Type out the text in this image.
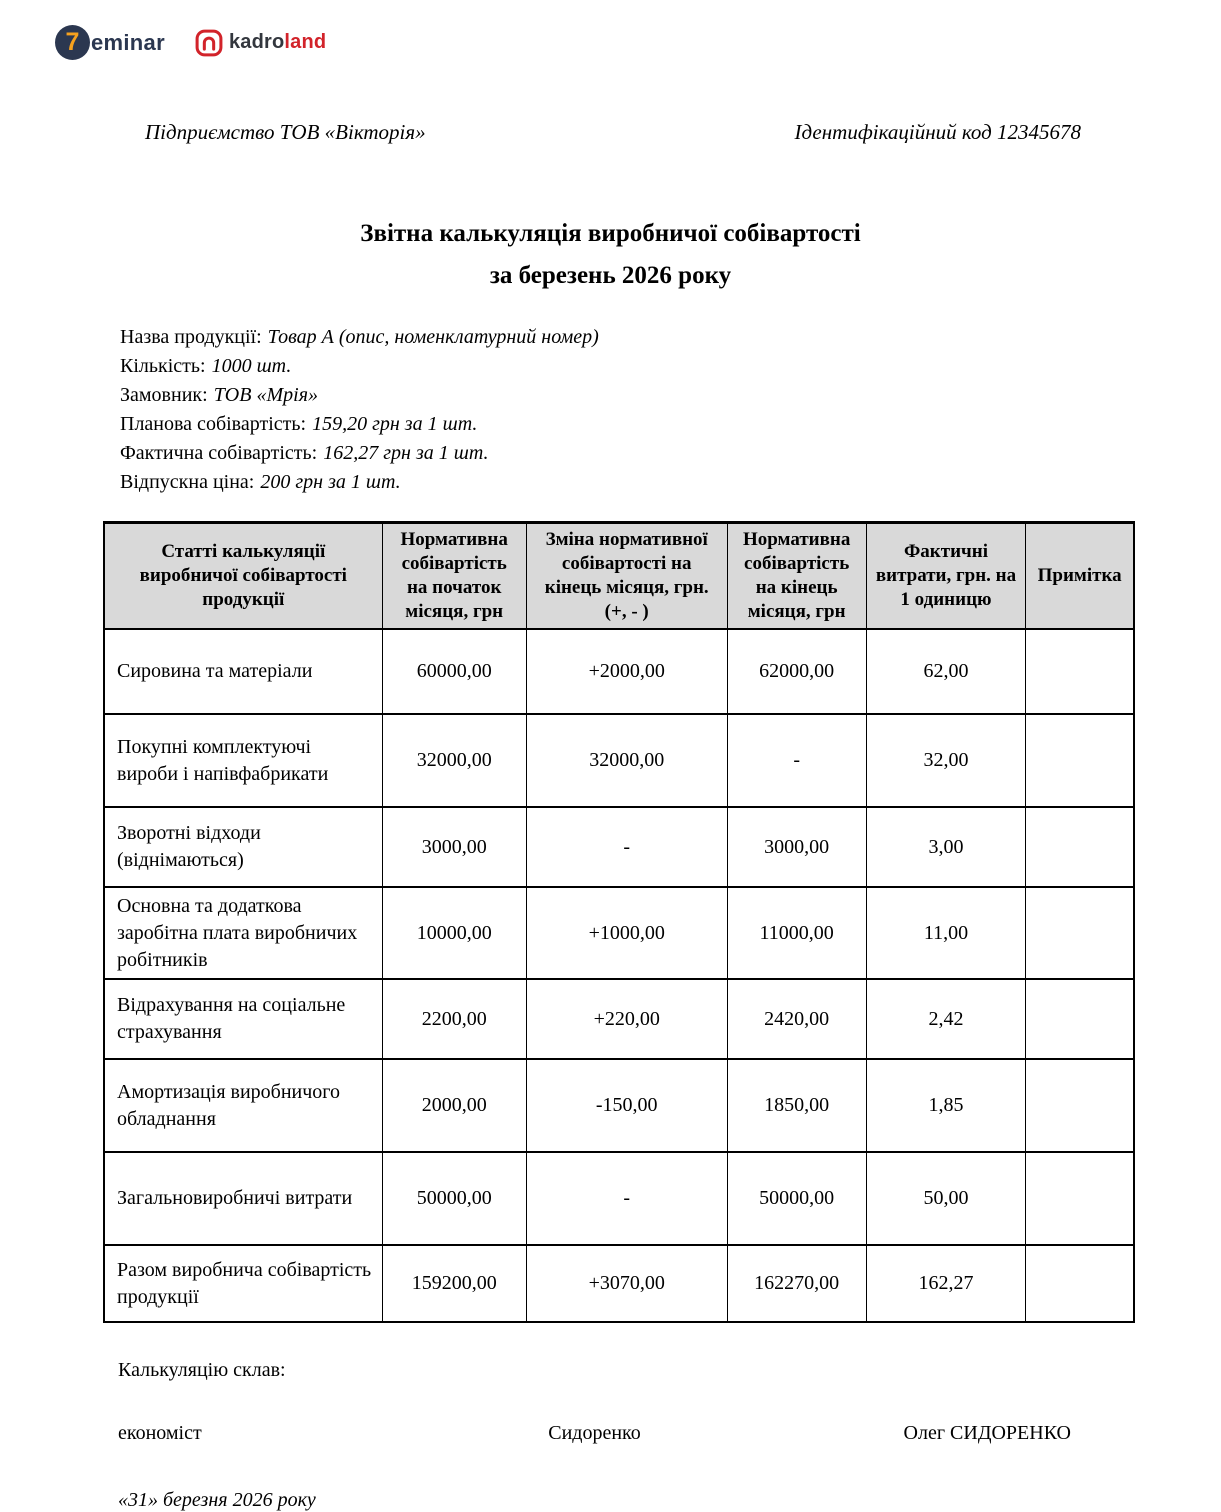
7 eminar	kadroland
Підприємство ТОВ «Вікторія»	Ідентифікаційний код 12345678
Звітна калькуляція виробничої собівартості
за березень 2026 року
Назва продукції: Товар А (опис, номенклатурний номер)
Кількість: 1000 шт.
Замовник: ТОВ «Мрія»
Планова собівартість: 159,20 грн за 1 шт.
Фактична собівартість: 162,27 грн за 1 шт.
Відпускна ціна: 200 грн за 1 шт.
Статті калькуляції виробничої собівартості продукції	Нормативна собівартість на початок місяця, грн	Зміна нормативної собівартості на кінець місяця, грн. (+, - )	Нормативна собівартість на кінець місяця, грн	Фактичні витрати, грн. на 1 одиницю	Примітка
Сировина та матеріали	60000,00	+2000,00	62000,00	62,00	
Покупні комплектуючі вироби і напівфабрикати	32000,00	32000,00	-	32,00	
Зворотні відходи (віднімаються)	3000,00	-	3000,00	3,00	
Основна та додаткова заробітна плата виробничих робітників	10000,00	+1000,00	11000,00	11,00	
Відрахування на соціальне страхування	2200,00	+220,00	2420,00	2,42	
Амортизація виробничого обладнання	2000,00	-150,00	1850,00	1,85	
Загальновиробничі витрати	50000,00	-	50000,00	50,00	
Разом виробнича собівартість продукції	159200,00	+3070,00	162270,00	162,27	
Калькуляцію склав:
економіст	Сидоренко	Олег СИДОРЕНКО
«31» березня 2026 року
